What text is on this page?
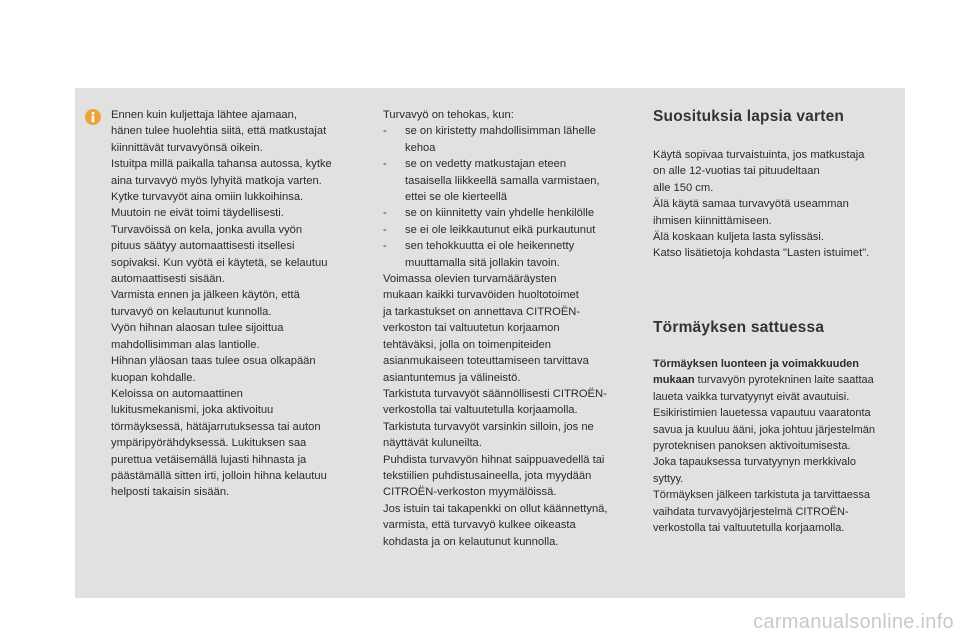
Ennen kuin kuljettaja lähtee ajamaan,
hänen tulee huolehtia siitä, että matkustajat
kiinnittävät turvavyönsä oikein.
Istuitpa millä paikalla tahansa autossa, kytke
aina turvavyö myös lyhyitä matkoja varten.
Kytke turvavyöt aina omiin lukkoihinsa.
Muutoin ne eivät toimi täydellisesti.
Turvavöissä on kela, jonka avulla vyön
pituus säätyy automaattisesti itsellesi
sopivaksi. Kun vyötä ei käytetä, se kelautuu
automaattisesti sisään.
Varmista ennen ja jälkeen käytön, että
turvavyö on kelautunut kunnolla.
Vyön hihnan alaosan tulee sijoittua
mahdollisimman alas lantiolle.
Hihnan yläosan taas tulee osua olkapään
kuopan kohdalle.
Keloissa on automaattinen
lukitusmekanismi, joka aktivoituu
törmäyksessä, hätäjarrutuksessa tai auton
ympäripyörähdyksessä. Lukituksen saa
purettua vetäisemällä lujasti hihnasta ja
päästämällä sitten irti, jolloin hihna kelautuu
helposti takaisin sisään.
Turvavyö on tehokas, kun:
- se on kiristetty mahdollisimman lähelle
kehoa
- se on vedetty matkustajan eteen
tasaisella liikkeellä samalla varmistaen,
ettei se ole kierteellä
- se on kiinnitetty vain yhdelle henkilölle
- se ei ole leikkautunut eikä purkautunut
- sen tehokkuutta ei ole heikennetty
muuttamalla sitä jollakin tavoin.
Voimassa olevien turvamääräysten
mukaan kaikki turvavöiden huoltotoimet
ja tarkastukset on annettava CITROËN-
verkoston tai valtuutetun korjaamon
tehtäväksi, jolla on toimenpiteiden
asianmukaiseen toteuttamiseen tarvittava
asiantuntemus ja välineistö.
Tarkistuta turvavyöt säännöllisesti CITROËN-
verkostolla tai valtuutetulla korjaamolla.
Tarkistuta turvavyöt varsinkin silloin, jos ne
näyttävät kuluneilta.
Puhdista turvavyön hihnat saippuavedellä tai
tekstiilien puhdistusaineella, jota myydään
CITROËN-verkoston myymälöissä.
Jos istuin tai takapenkki on ollut käännettynä,
varmista, että turvavyö kulkee oikeasta
kohdasta ja on kelautunut kunnolla.
Suosituksia lapsia varten
Käytä sopivaa turvaistuinta, jos matkustaja
on alle 12-vuotias tai pituudeltaan
alle 150 cm.
Älä käytä samaa turvavyötä useamman
ihmisen kiinnittämiseen.
Älä koskaan kuljeta lasta sylissäsi.
Katso lisätietoja kohdasta "Lasten istuimet".
Törmäyksen sattuessa
Törmäyksen luonteen ja voimakkuuden
mukaan turvavyön pyrotekninen laite saattaa
laueta vaikka turvatyynyt eivät avautuisi.
Esikiristimien lauetessa vapautuu vaaratonta
savua ja kuuluu ääni, joka johtuu järjestelmän
pyroteknisen panoksen aktivoitumisesta.
Joka tapauksessa turvatyynyn merkkivalo
syttyy.
Törmäyksen jälkeen tarkistuta ja tarvittaessa
vaihdata turvavyöjärjestelmä CITROËN-
verkostolla tai valtuutetulla korjaamolla.
carmanualsonline.info
